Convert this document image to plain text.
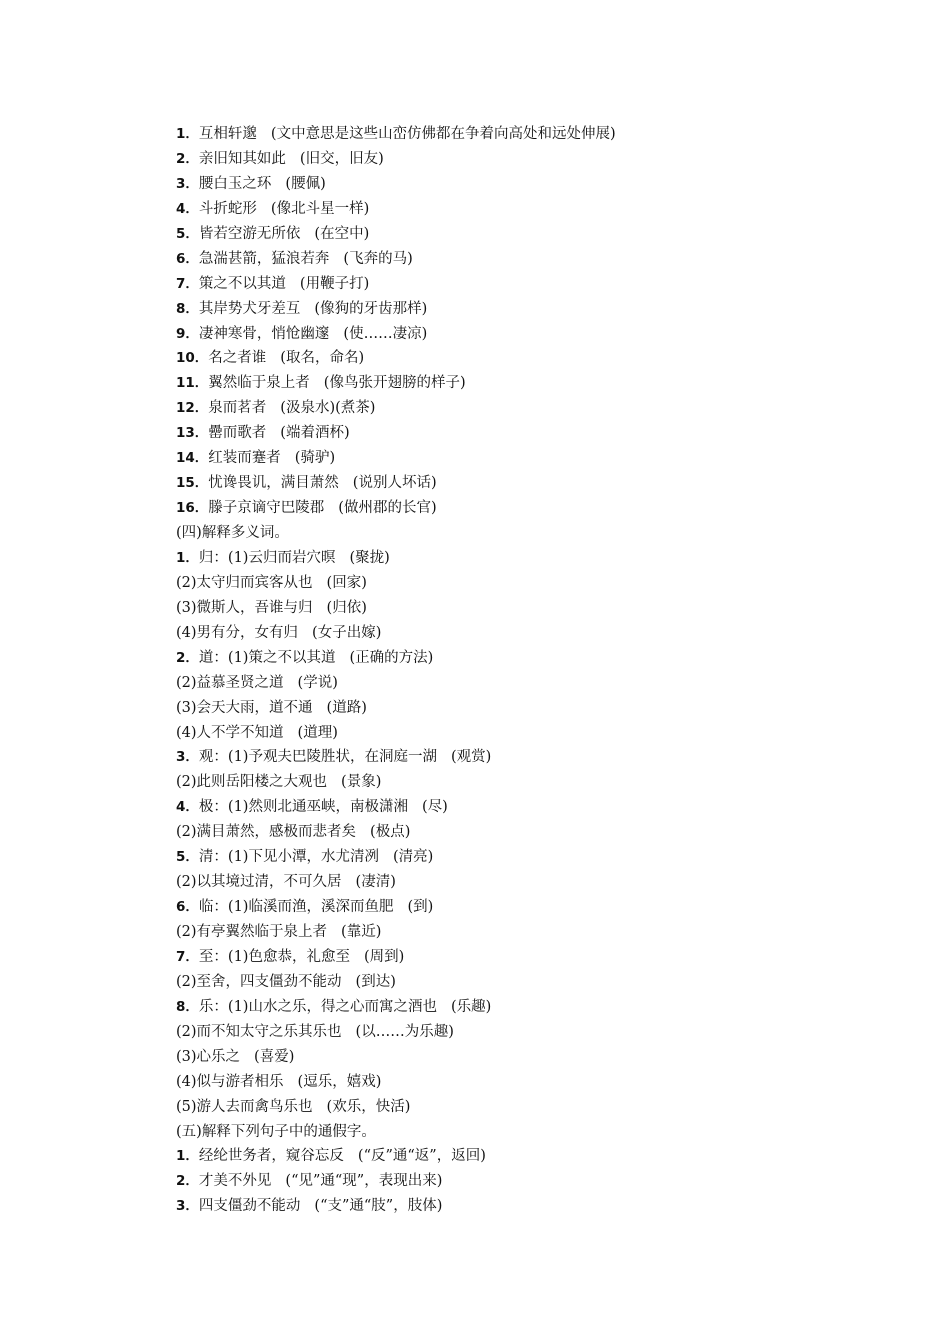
1．互相轩邈 (文中意思是这些山峦仿佛都在争着向高处和远处伸展)
2．亲旧知其如此 (旧交，旧友)
3．腰白玉之环 (腰佩)
4．斗折蛇形 (像北斗星一样)
5．皆若空游无所依 (在空中)
6．急湍甚箭，猛浪若奔 (飞奔的马)
7．策之不以其道 (用鞭子打)
8．其岸势犬牙差互 (像狗的牙齿那样)
9．凄神寒骨，悄怆幽邃 (使……凄凉)
10．名之者谁 (取名，命名)
11．翼然临于泉上者 (像鸟张开翅膀的样子)
12．泉而茗者 (汲泉水)(煮茶)
13．罍而歌者 (端着酒杯)
14．红装而蹇者 (骑驴)
15．忧谗畏讥，满目萧然 (说别人坏话)
16．滕子京谪守巴陵郡 (做州郡的长官)
(四)解释多义词。
1．归：(1)云归而岩穴暝 (聚拢)
(2)太守归而宾客从也 (回家)
(3)微斯人，吾谁与归 (归依)
(4)男有分，女有归 (女子出嫁)
2．道：(1)策之不以其道 (正确的方法)
(2)益慕圣贤之道 (学说)
(3)会天大雨，道不通 (道路)
(4)人不学不知道 (道理)
3．观：(1)予观夫巴陵胜状，在洞庭一湖 (观赏)
(2)此则岳阳楼之大观也 (景象)
4．极：(1)然则北通巫峡，南极潇湘 (尽)
(2)满目萧然，感极而悲者矣 (极点)
5．清：(1)下见小潭，水尤清冽 (清亮)
(2)以其境过清，不可久居 (凄清)
6．临：(1)临溪而渔，溪深而鱼肥 (到)
(2)有亭翼然临于泉上者 (靠近)
7．至：(1)色愈恭，礼愈至 (周到)
(2)至舍，四支僵劲不能动 (到达)
8．乐：(1)山水之乐，得之心而寓之酒也 (乐趣)
(2)而不知太守之乐其乐也 (以……为乐趣)
(3)心乐之 (喜爱)
(4)似与游者相乐 (逗乐，嬉戏)
(5)游人去而禽鸟乐也 (欢乐，快活)
(五)解释下列句子中的通假字。
1．经纶世务者，窥谷忘反 (“反”通“返”，返回)
2．才美不外见 (“见”通“现”，表现出来)
3．四支僵劲不能动 (“支”通“肢”，肢体)
